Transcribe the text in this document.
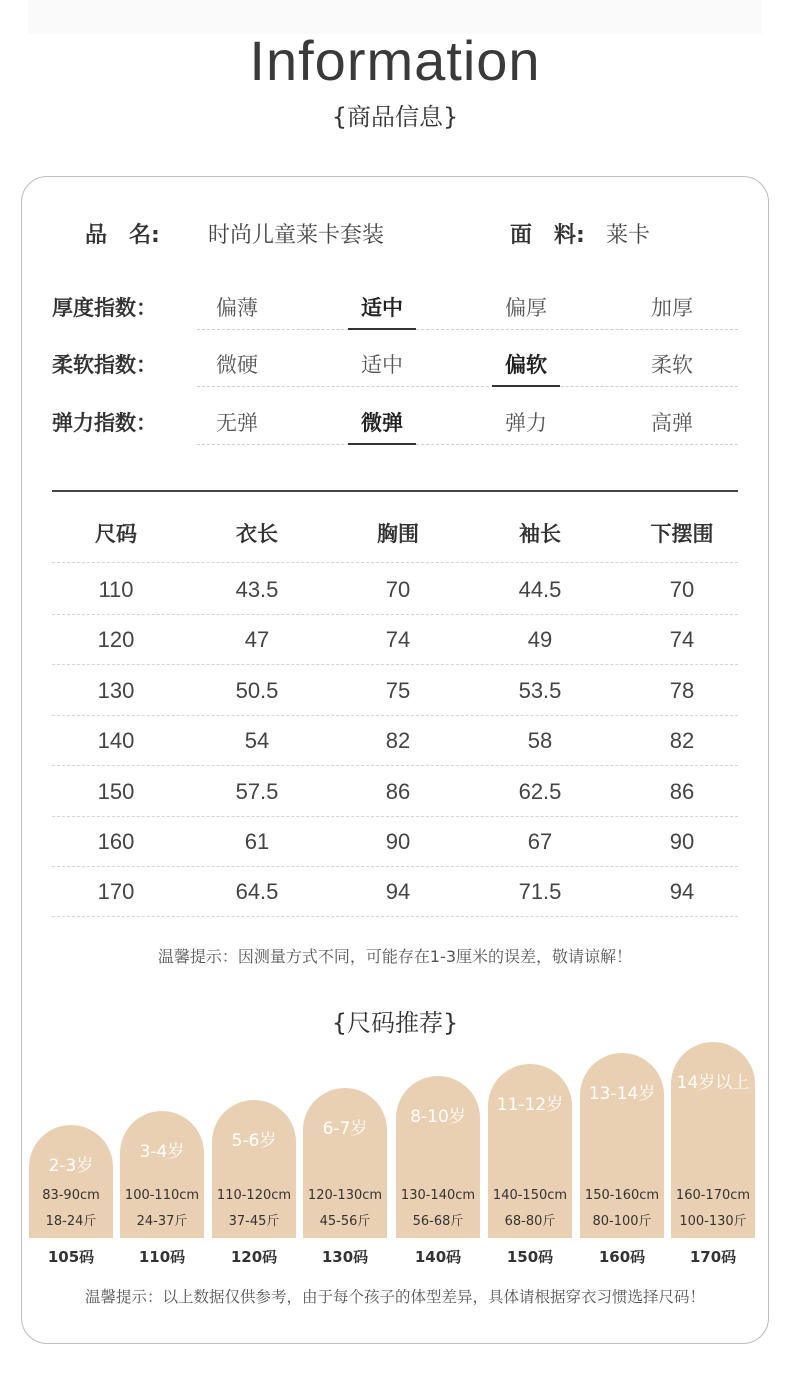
Information
{商品信息}
品　名: 时尚儿童莱卡套装	面　料: 莱卡
厚度指数：	偏薄	适中	偏厚	加厚
柔软指数：	微硬	适中	偏软	柔软
弹力指数：	无弹	微弹	弹力	高弹
尺码	衣长	胸围	袖长	下摆围
110	43.5	70	44.5	70
120	47	74	49	74
130	50.5	75	53.5	78
140	54	82	58	82
150	57.5	86	62.5	86
160	61	90	67	90
170	64.5	94	71.5	94
温馨提示：因测量方式不同，可能存在1-3厘米的误差，敬请谅解！
{尺码推荐}
2-3岁
83-90cm
18-24斤
105码
3-4岁
100-110cm
24-37斤
110码
5-6岁
110-120cm
37-45斤
120码
6-7岁
120-130cm
45-56斤
130码
8-10岁
130-140cm
56-68斤
140码
11-12岁
140-150cm
68-80斤
150码
13-14岁
150-160cm
80-100斤
160码
14岁以上
160-170cm
100-130斤
170码
温馨提示：以上数据仅供参考，由于每个孩子的体型差异，具体请根据穿衣习惯选择尺码！
